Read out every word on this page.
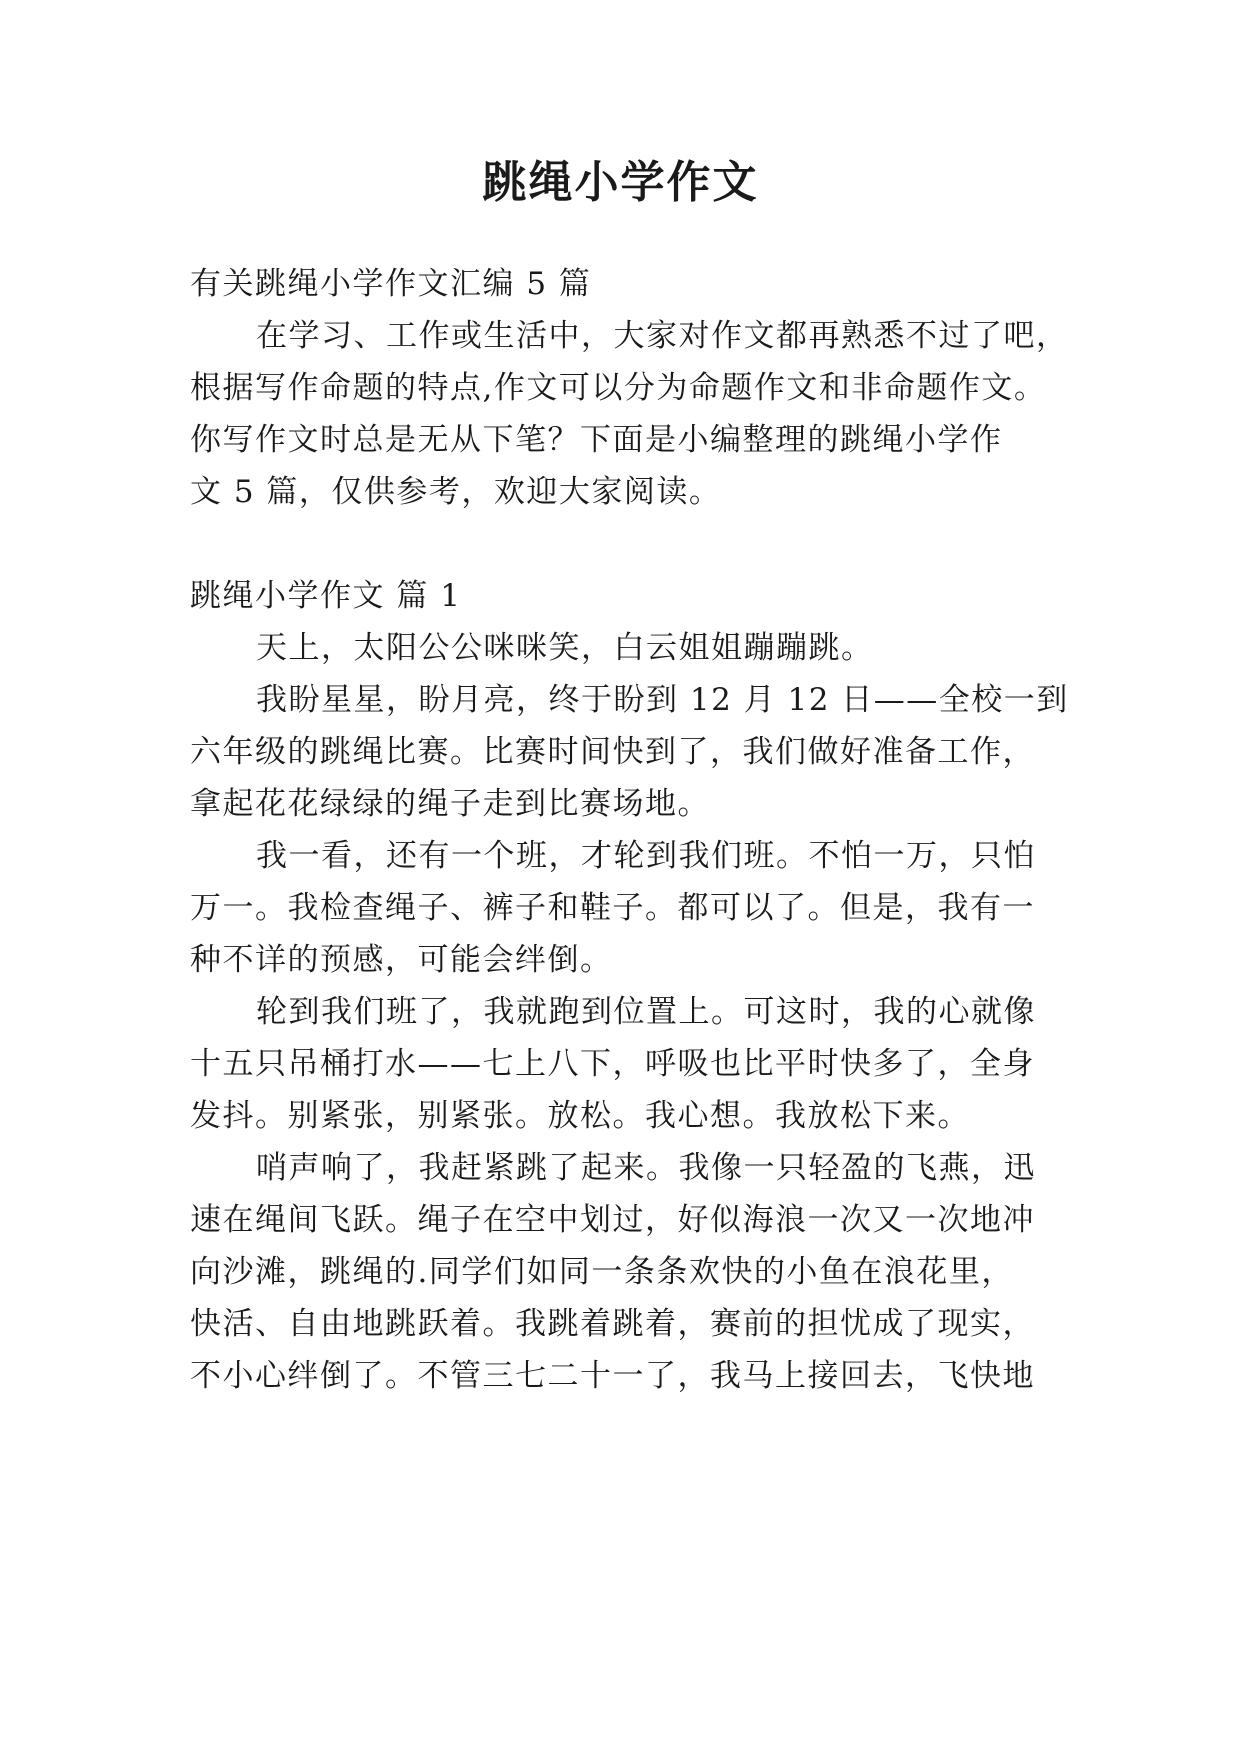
跳绳小学作文
有关跳绳小学作文汇编 5 篇
在学习、工作或生活中，大家对作文都再熟悉不过了吧，
根据写作命题的特点,作文可以分为命题作文和非命题作文。
你写作文时总是无从下笔？下面是小编整理的跳绳小学作
文 5 篇，仅供参考，欢迎大家阅读。
跳绳小学作文 篇 1
天上，太阳公公咪咪笑，白云姐姐蹦蹦跳。
我盼星星，盼月亮，终于盼到 12 月 12 日——全校一到
六年级的跳绳比赛。比赛时间快到了，我们做好准备工作，
拿起花花绿绿的绳子走到比赛场地。
我一看，还有一个班，才轮到我们班。不怕一万，只怕
万一。我检查绳子、裤子和鞋子。都可以了。但是，我有一
种不详的预感，可能会绊倒。
轮到我们班了，我就跑到位置上。可这时，我的心就像
十五只吊桶打水——七上八下，呼吸也比平时快多了，全身
发抖。别紧张，别紧张。放松。我心想。我放松下来。
哨声响了，我赶紧跳了起来。我像一只轻盈的飞燕，迅
速在绳间飞跃。绳子在空中划过，好似海浪一次又一次地冲
向沙滩，跳绳的.同学们如同一条条欢快的小鱼在浪花里，
快活、自由地跳跃着。我跳着跳着，赛前的担忧成了现实，
不小心绊倒了。不管三七二十一了，我马上接回去，飞快地
